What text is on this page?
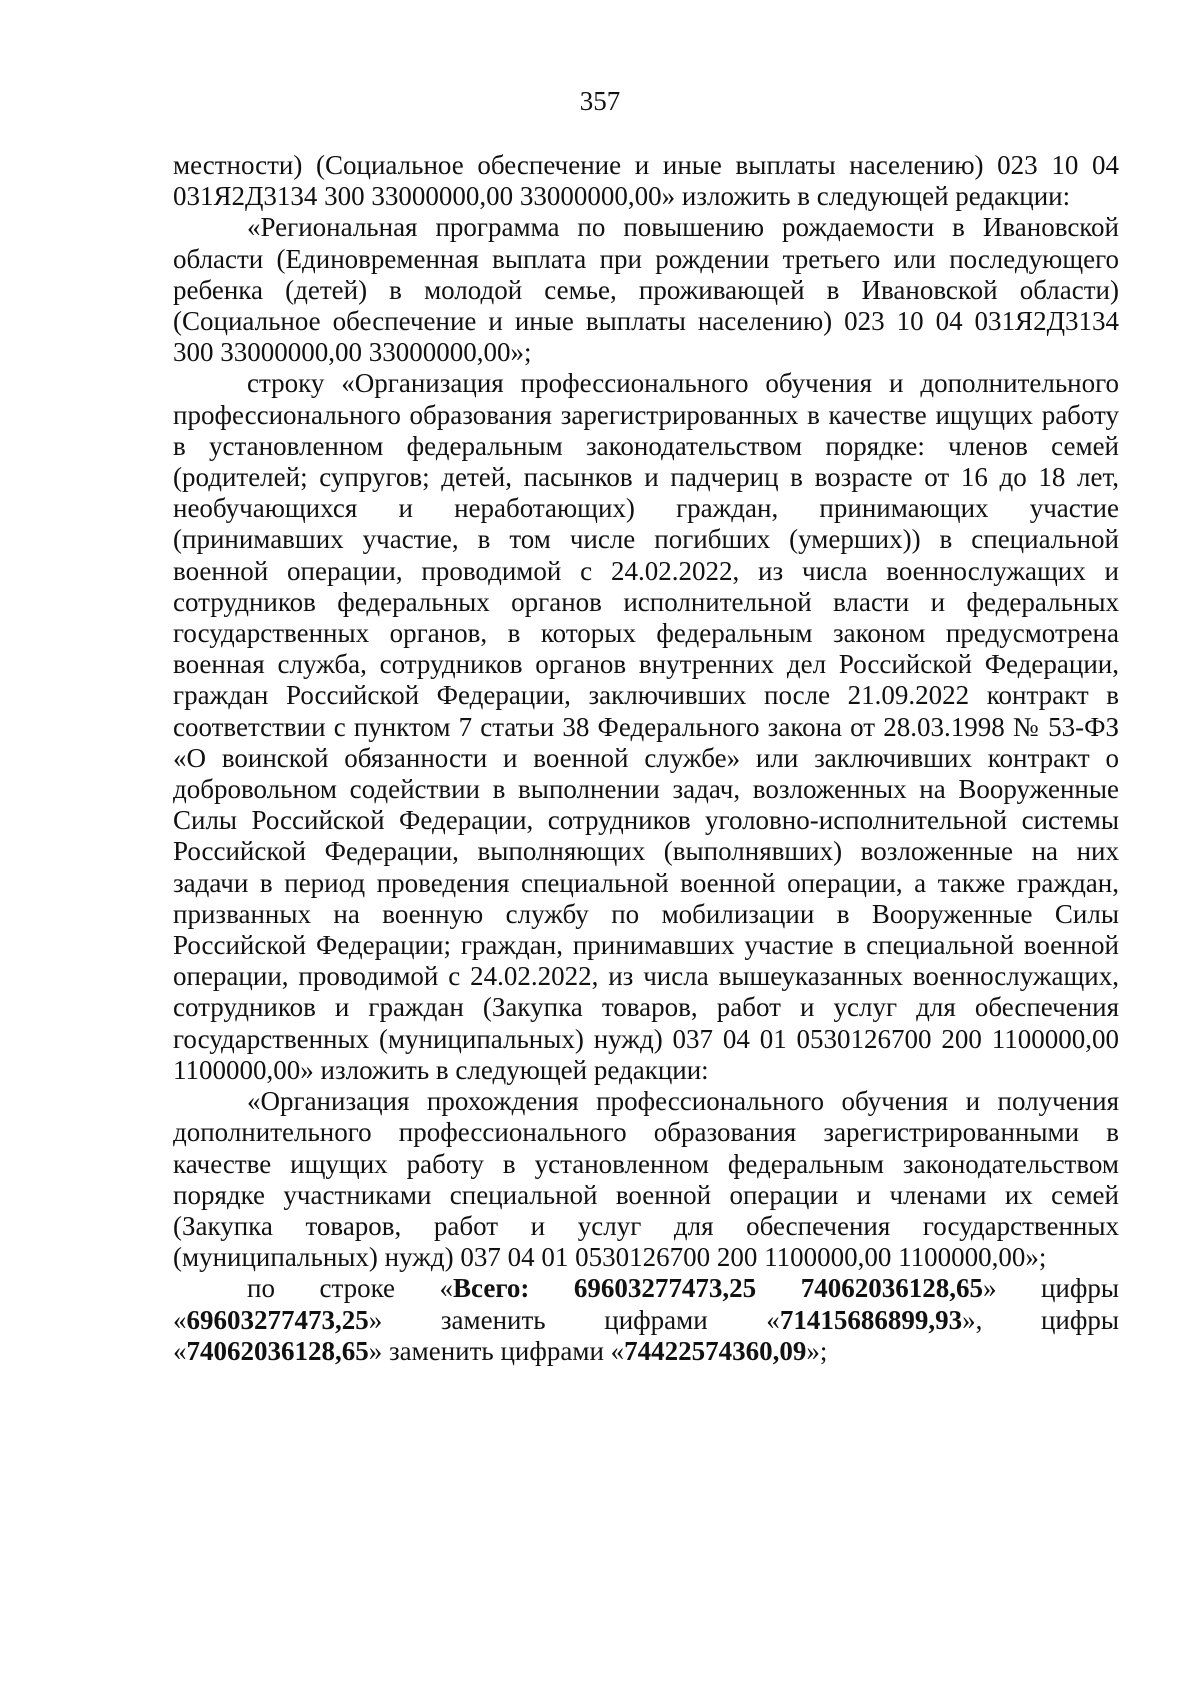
357

местности) (Социальное обеспечение и иные выплаты населению) 023 10 04 031Я2Д3134 300 33000000,00 33000000,00» изложить в следующей редакции:

«Региональная программа по повышению рождаемости в Ивановской области (Единовременная выплата при рождении третьего или последующего ребенка (детей) в молодой семье, проживающей в Ивановской области) (Социальное обеспечение и иные выплаты населению) 023 10 04 031Я2Д3134 300 33000000,00 33000000,00»;

строку «Организация профессионального обучения и дополнительного профессионального образования зарегистрированных в качестве ищущих работу в установленном федеральным законодательством порядке: членов семей (родителей; супругов; детей, пасынков и падчериц в возрасте от 16 до 18 лет, необучающихся и неработающих) граждан, принимающих участие (принимавших участие, в том числе погибших (умерших)) в специальной военной операции, проводимой с 24.02.2022, из числа военнослужащих и сотрудников федеральных органов исполнительной власти и федеральных государственных органов, в которых федеральным законом предусмотрена военная служба, сотрудников органов внутренних дел Российской Федерации, граждан Российской Федерации, заключивших после 21.09.2022 контракт в соответствии с пунктом 7 статьи 38 Федерального закона от 28.03.1998 № 53-ФЗ «О воинской обязанности и военной службе» или заключивших контракт о добровольном содействии в выполнении задач, возложенных на Вооруженные Силы Российской Федерации, сотрудников уголовно-исполнительной системы Российской Федерации, выполняющих (выполнявших) возложенные на них задачи в период проведения специальной военной операции, а также граждан, призванных на военную службу по мобилизации в Вооруженные Силы Российской Федерации; граждан, принимавших участие в специальной военной операции, проводимой с 24.02.2022, из числа вышеуказанных военнослужащих, сотрудников и граждан (Закупка товаров, работ и услуг для обеспечения государственных (муниципальных) нужд) 037 04 01 0530126700 200 1100000,00 1100000,00» изложить в следующей редакции:

«Организация прохождения профессионального обучения и получения дополнительного профессионального образования зарегистрированными в качестве ищущих работу в установленном федеральным законодательством порядке участниками специальной военной операции и членами их семей (Закупка товаров, работ и услуг для обеспечения государственных (муниципальных) нужд) 037 04 01 0530126700 200 1100000,00 1100000,00»;

по строке «Всего: 69603277473,25 74062036128,65» цифры «69603277473,25» заменить цифрами «71415686899,93», цифры «74062036128,65» заменить цифрами «74422574360,09»;
